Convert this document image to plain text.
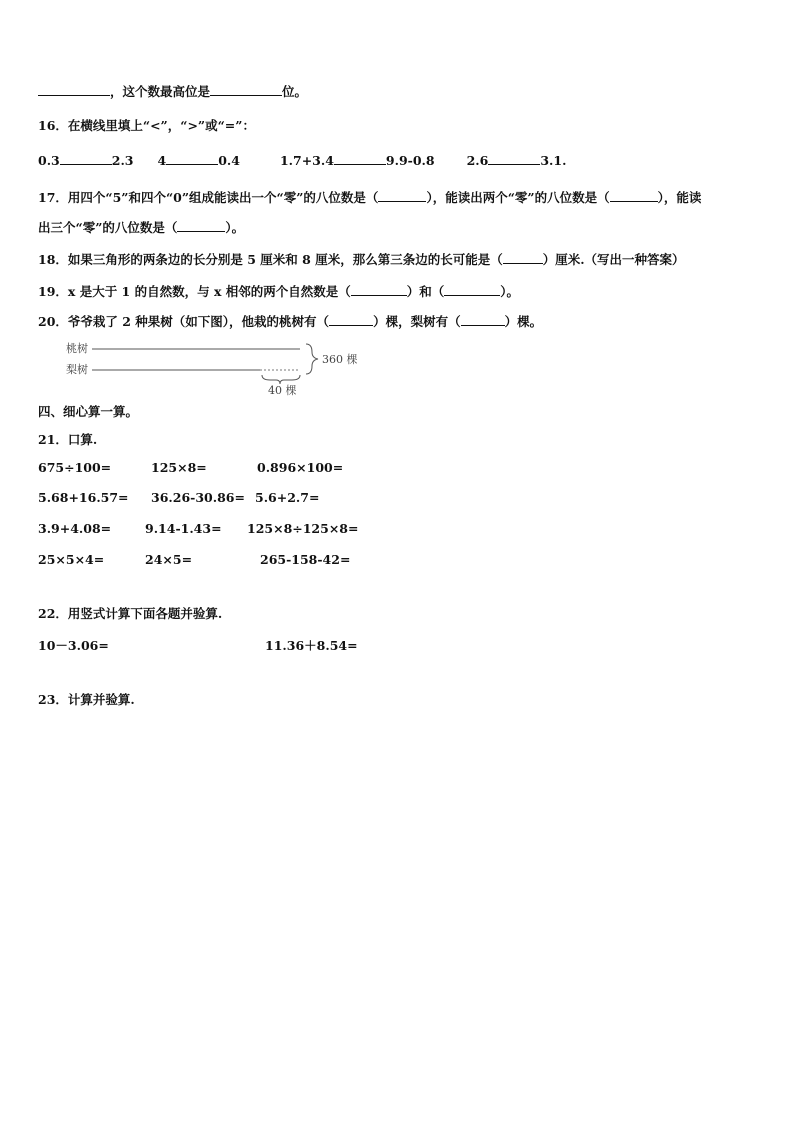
，这个数最高位是	位。
16．在横线里填上“<”，“>”或“=”：
0.3	2.3 4	0.4	1.7+3.4	9.9-0.8	2.6	3.1.
17．用四个“5”和四个“0”组成能读出一个“零”的八位数是（	），能读出两个“零”的八位数是（	），能读
出三个“零”的八位数是（	）。
18．如果三角形的两条边的长分别是 5 厘米和 8 厘米，那么第三条边的长可能是（	）厘米.（写出一种答案）
19．x 是大于 1 的自然数，与 x 相邻的两个自然数是（	）和（	）。
20．爷爷栽了 2 种果树（如下图），他栽的桃树有（	）棵，梨树有（	）棵。
桃树
梨树
360 棵
40 棵
四、细心算一算。
21．口算.
675÷100=	125×8=	0.896×100=
5.68+16.57= 36.26-30.86= 5.6+2.7=
3.9+4.08=	9.14-1.43= 125×8÷125×8=
25×5×4=	24×5=	265-158-42=
22．用竖式计算下面各题并验算.
10－3.06=	11.36＋8.54=
23．计算并验算.
